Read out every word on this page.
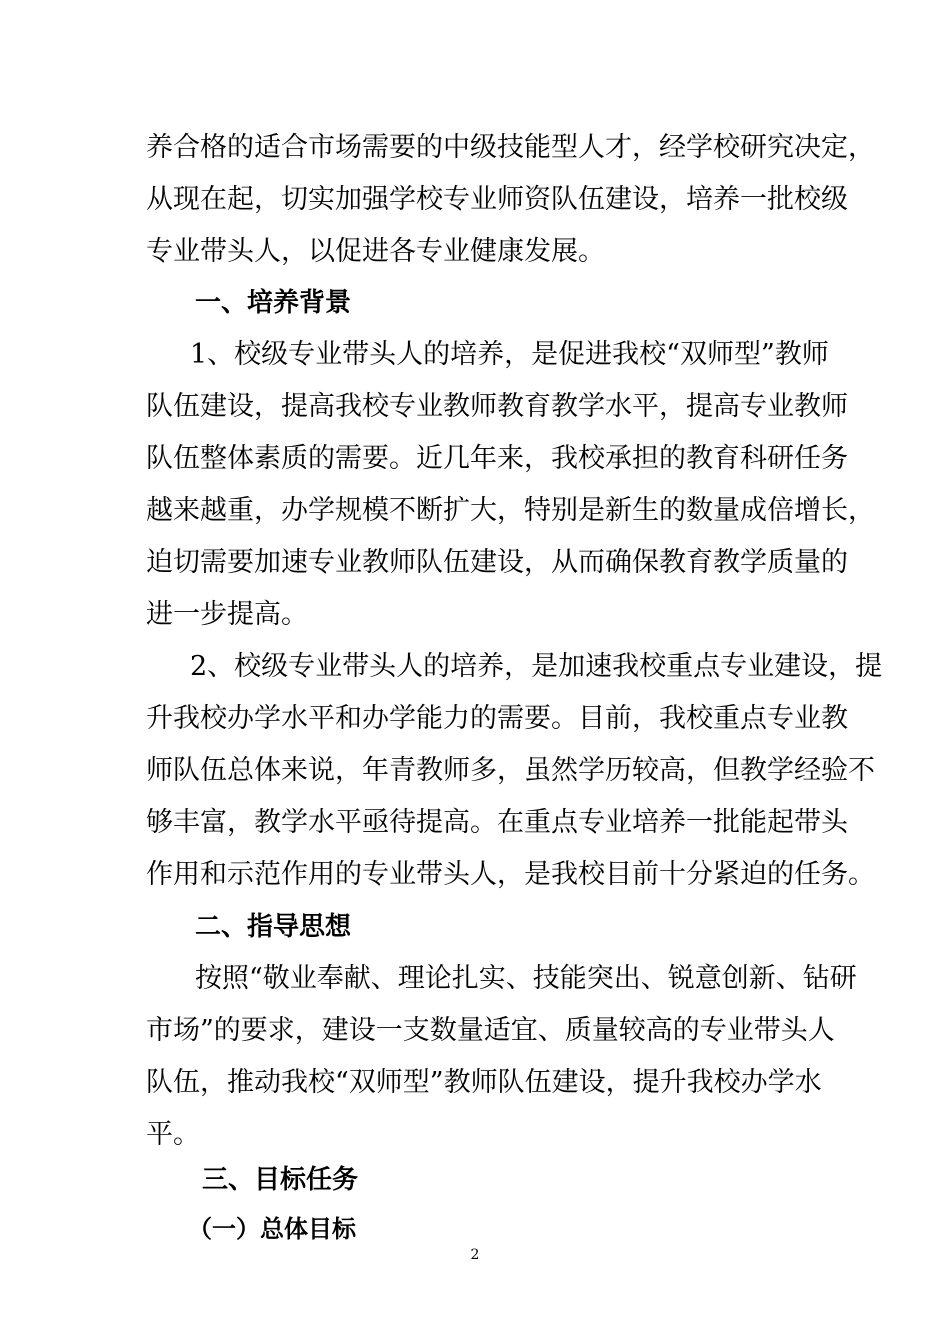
养合格的适合市场需要的中级技能型人才，经学校研究决定，
从现在起，切实加强学校专业师资队伍建设，培养一批校级
专业带头人，以促进各专业健康发展。
一、培养背景
1、校级专业带头人的培养，是促进我校“双师型”教师
队伍建设，提高我校专业教师教育教学水平，提高专业教师
队伍整体素质的需要。近几年来，我校承担的教育科研任务
越来越重，办学规模不断扩大，特别是新生的数量成倍增长，
迫切需要加速专业教师队伍建设，从而确保教育教学质量的
进一步提高。
2、校级专业带头人的培养，是加速我校重点专业建设，提
升我校办学水平和办学能力的需要。目前，我校重点专业教
师队伍总体来说，年青教师多，虽然学历较高，但教学经验不
够丰富，教学水平亟待提高。在重点专业培养一批能起带头
作用和示范作用的专业带头人，是我校目前十分紧迫的任务。
二、指导思想
按照“敬业奉献、理论扎实、技能突出、锐意创新、钻研
市场”的要求，建设一支数量适宜、质量较高的专业带头人
队伍，推动我校“双师型”教师队伍建设，提升我校办学水
平。
三、目标任务
（一）总体目标
2
